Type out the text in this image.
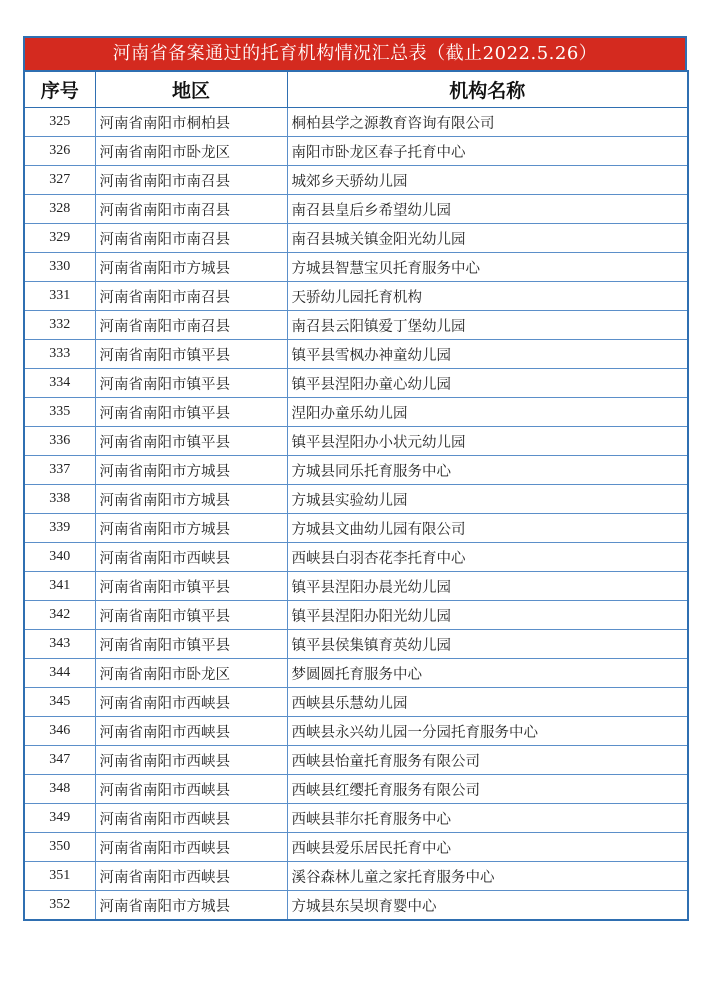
河南省备案通过的托育机构情况汇总表（截止2022.5.26）
序号	地区	机构名称
325	河南省南阳市桐柏县	桐柏县学之源教育咨询有限公司
326	河南省南阳市卧龙区	南阳市卧龙区春子托育中心
327	河南省南阳市南召县	城郊乡天骄幼儿园
328	河南省南阳市南召县	南召县皇后乡希望幼儿园
329	河南省南阳市南召县	南召县城关镇金阳光幼儿园
330	河南省南阳市方城县	方城县智慧宝贝托育服务中心
331	河南省南阳市南召县	天骄幼儿园托育机构
332	河南省南阳市南召县	南召县云阳镇爱丁堡幼儿园
333	河南省南阳市镇平县	镇平县雪枫办神童幼儿园
334	河南省南阳市镇平县	镇平县涅阳办童心幼儿园
335	河南省南阳市镇平县	涅阳办童乐幼儿园
336	河南省南阳市镇平县	镇平县涅阳办小状元幼儿园
337	河南省南阳市方城县	方城县同乐托育服务中心
338	河南省南阳市方城县	方城县实验幼儿园
339	河南省南阳市方城县	方城县文曲幼儿园有限公司
340	河南省南阳市西峡县	西峡县白羽杏花李托育中心
341	河南省南阳市镇平县	镇平县涅阳办晨光幼儿园
342	河南省南阳市镇平县	镇平县涅阳办阳光幼儿园
343	河南省南阳市镇平县	镇平县侯集镇育英幼儿园
344	河南省南阳市卧龙区	梦圆圆托育服务中心
345	河南省南阳市西峡县	西峡县乐慧幼儿园
346	河南省南阳市西峡县	西峡县永兴幼儿园一分园托育服务中心
347	河南省南阳市西峡县	西峡县怡童托育服务有限公司
348	河南省南阳市西峡县	西峡县红缨托育服务有限公司
349	河南省南阳市西峡县	西峡县菲尔托育服务中心
350	河南省南阳市西峡县	西峡县爱乐居民托育中心
351	河南省南阳市西峡县	溪谷森林儿童之家托育服务中心
352	河南省南阳市方城县	方城县东吴坝育婴中心
